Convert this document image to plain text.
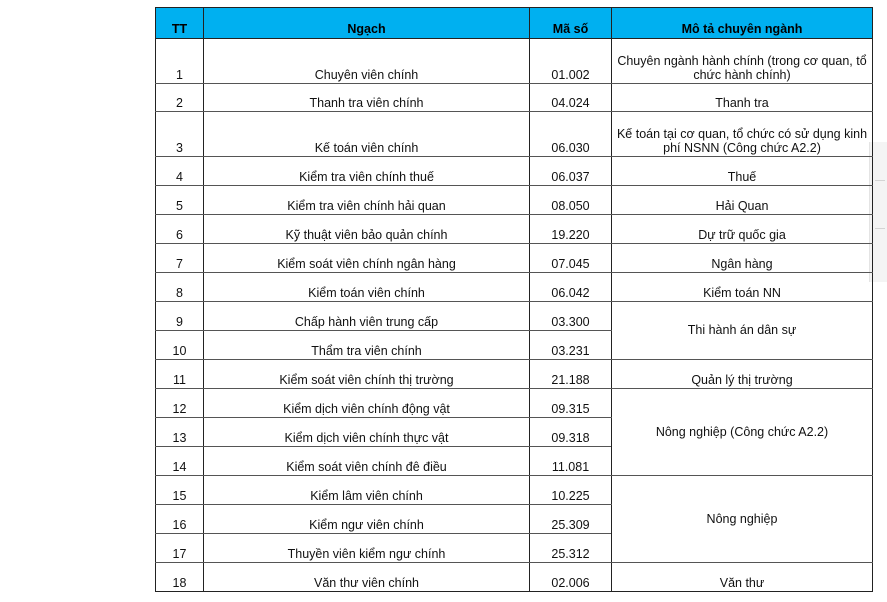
TT	Ngạch	Mã số	Mô tả chuyên ngành
1	Chuyên viên chính	01.002	Chuyên ngành hành chính (trong cơ quan, tổ chức hành chính)
2	Thanh tra viên chính	04.024	Thanh tra
3	Kế toán viên chính	06.030	Kế toán tại cơ quan, tổ chức có sử dụng kinh phí NSNN (Công chức A2.2)
4	Kiểm tra viên chính thuế	06.037	Thuế
5	Kiểm tra viên chính hải quan	08.050	Hải Quan
6	Kỹ thuật viên bảo quản chính	19.220	Dự trữ quốc gia
7	Kiểm soát viên chính ngân hàng	07.045	Ngân hàng
8	Kiểm toán viên chính	06.042	Kiểm toán NN
9	Chấp hành viên trung cấp	03.300	Thi hành án dân sự
10	Thẩm tra viên chính	03.231	
11	Kiểm soát viên chính thị trường	21.188	Quản lý thị trường
12	Kiểm dịch viên chính động vật	09.315	Nông nghiệp (Công chức A2.2)
13	Kiểm dịch viên chính thực vật	09.318	
14	Kiểm soát viên chính đê điều	11.081	
15	Kiểm lâm viên chính	10.225	Nông nghiệp
16	Kiểm ngư viên chính	25.309	
17	Thuyền viên kiểm ngư chính	25.312	
18	Văn thư viên chính	02.006	Văn thư
